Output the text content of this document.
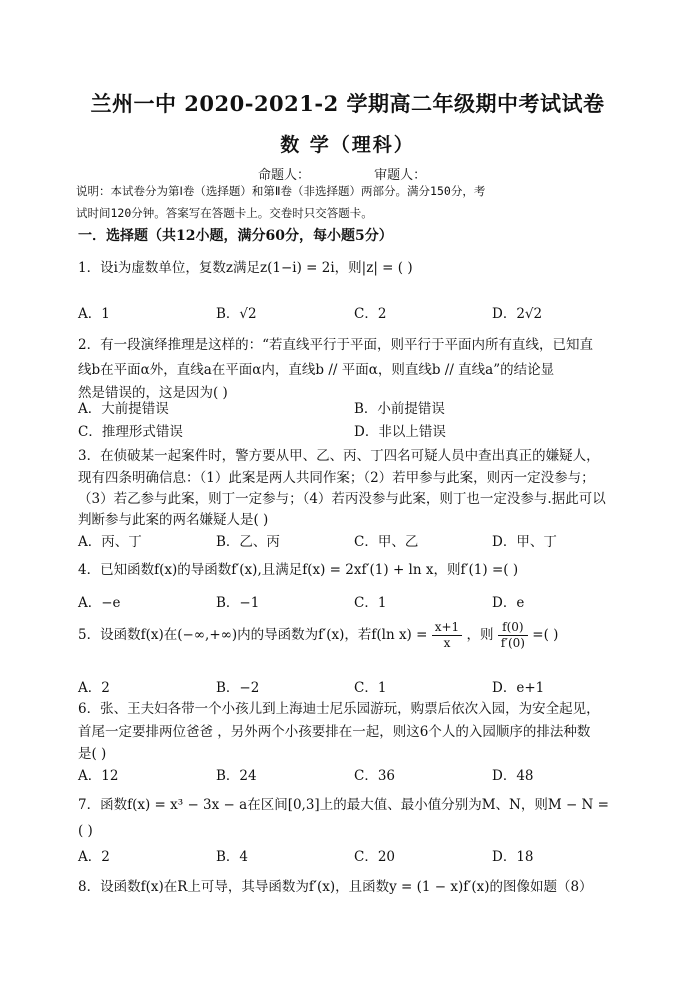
兰州一中 2020-2021-2 学期高二年级期中考试试卷
数 学（理科）
命题人：	审题人：
说明：本试卷分为第Ⅰ卷（选择题）和第Ⅱ卷（非选择题）两部分。满分150分，考
试时间120分钟。答案写在答题卡上。交卷时只交答题卡。
一．选择题（共12小题，满分60分，每小题5分）
1．设i为虚数单位，复数z满足z(1−i) = 2i，则|z| = ( )
A．1	B．√2	C．2	D．2√2
2．有一段演绎推理是这样的：“若直线平行于平面，则平行于平面内所有直线，已知直
线b在平面α外，直线a在平面α内，直线b // 平面α，则直线b // 直线a”的结论显
然是错误的，这是因为( )
A．大前提错误	B．小前提错误
C．推理形式错误	D．非以上错误
3．在侦破某一起案件时，警方要从甲、乙、丙、丁四名可疑人员中查出真正的嫌疑人，
现有四条明确信息：（1）此案是两人共同作案；（2）若甲参与此案，则丙一定没参与；
（3）若乙参与此案，则丁一定参与；（4）若丙没参与此案，则丁也一定没参与.据此可以
判断参与此案的两名嫌疑人是( )
A．丙、丁	B．乙、丙	C．甲、乙	D．甲、丁
4．已知函数f(x)的导函数f′(x),且满足f(x) = 2xf′(1) + ln x，则f′(1) =( )
A．−e	B．−1	C．1	D．e
5．设函数f(x)在(−∞,+∞)内的导函数为f′(x)，若f(ln $x) = \frac{x+1}{x}$ ，则 $\frac{f(0)}{f'(0)}$ =( )
A．2	B．−2	C．1	D．e+1
6．张、王夫妇各带一个小孩儿到上海迪士尼乐园游玩，购票后依次入园，为安全起见，
首尾一定要排两位爸爸 ，另外两个小孩要排在一起，则这6个人的入园顺序的排法种数
是( )
A．12	B．24	C．36	D．48
7．函数f(x) = x³ − 3x − a在区间[0,3]上的最大值、最小值分别为M、N，则M − N =
( )
A．2	B．4	C．20	D．18
8．设函数f(x)在R上可导，其导函数为f′(x)，且函数y = (1 − x)f′(x)的图像如题（8）
